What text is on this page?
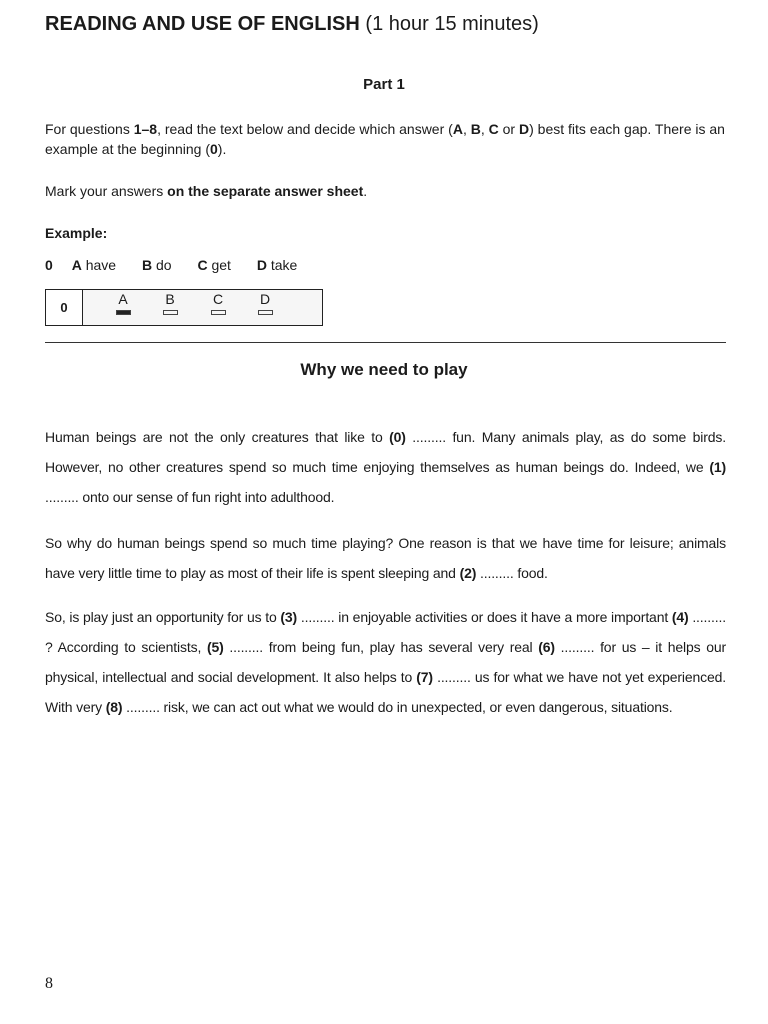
READING AND USE OF ENGLISH (1 hour 15 minutes)
Part 1
For questions 1–8, read the text below and decide which answer (A, B, C or D) best fits each gap. There is an example at the beginning (0).
Mark your answers on the separate answer sheet.
Example:
0 A have B do C get D take
0
A	B	C	D
Why we need to play
Human beings are not the only creatures that like to (0) ......... fun. Many animals play, as do some birds. However, no other creatures spend so much time enjoying themselves as human beings do. Indeed, we (1) ......... onto our sense of fun right into adulthood.
So why do human beings spend so much time playing? One reason is that we have time for leisure; animals have very little time to play as most of their life is spent sleeping and (2) ......... food.
So, is play just an opportunity for us to (3) ......... in enjoyable activities or does it have a more important (4) ......... ? According to scientists, (5) ......... from being fun, play has several very real (6) ......... for us – it helps our physical, intellectual and social development. It also helps to (7) ......... us for what we have not yet experienced. With very (8) ......... risk, we can act out what we would do in unexpected, or even dangerous, situations.
8
